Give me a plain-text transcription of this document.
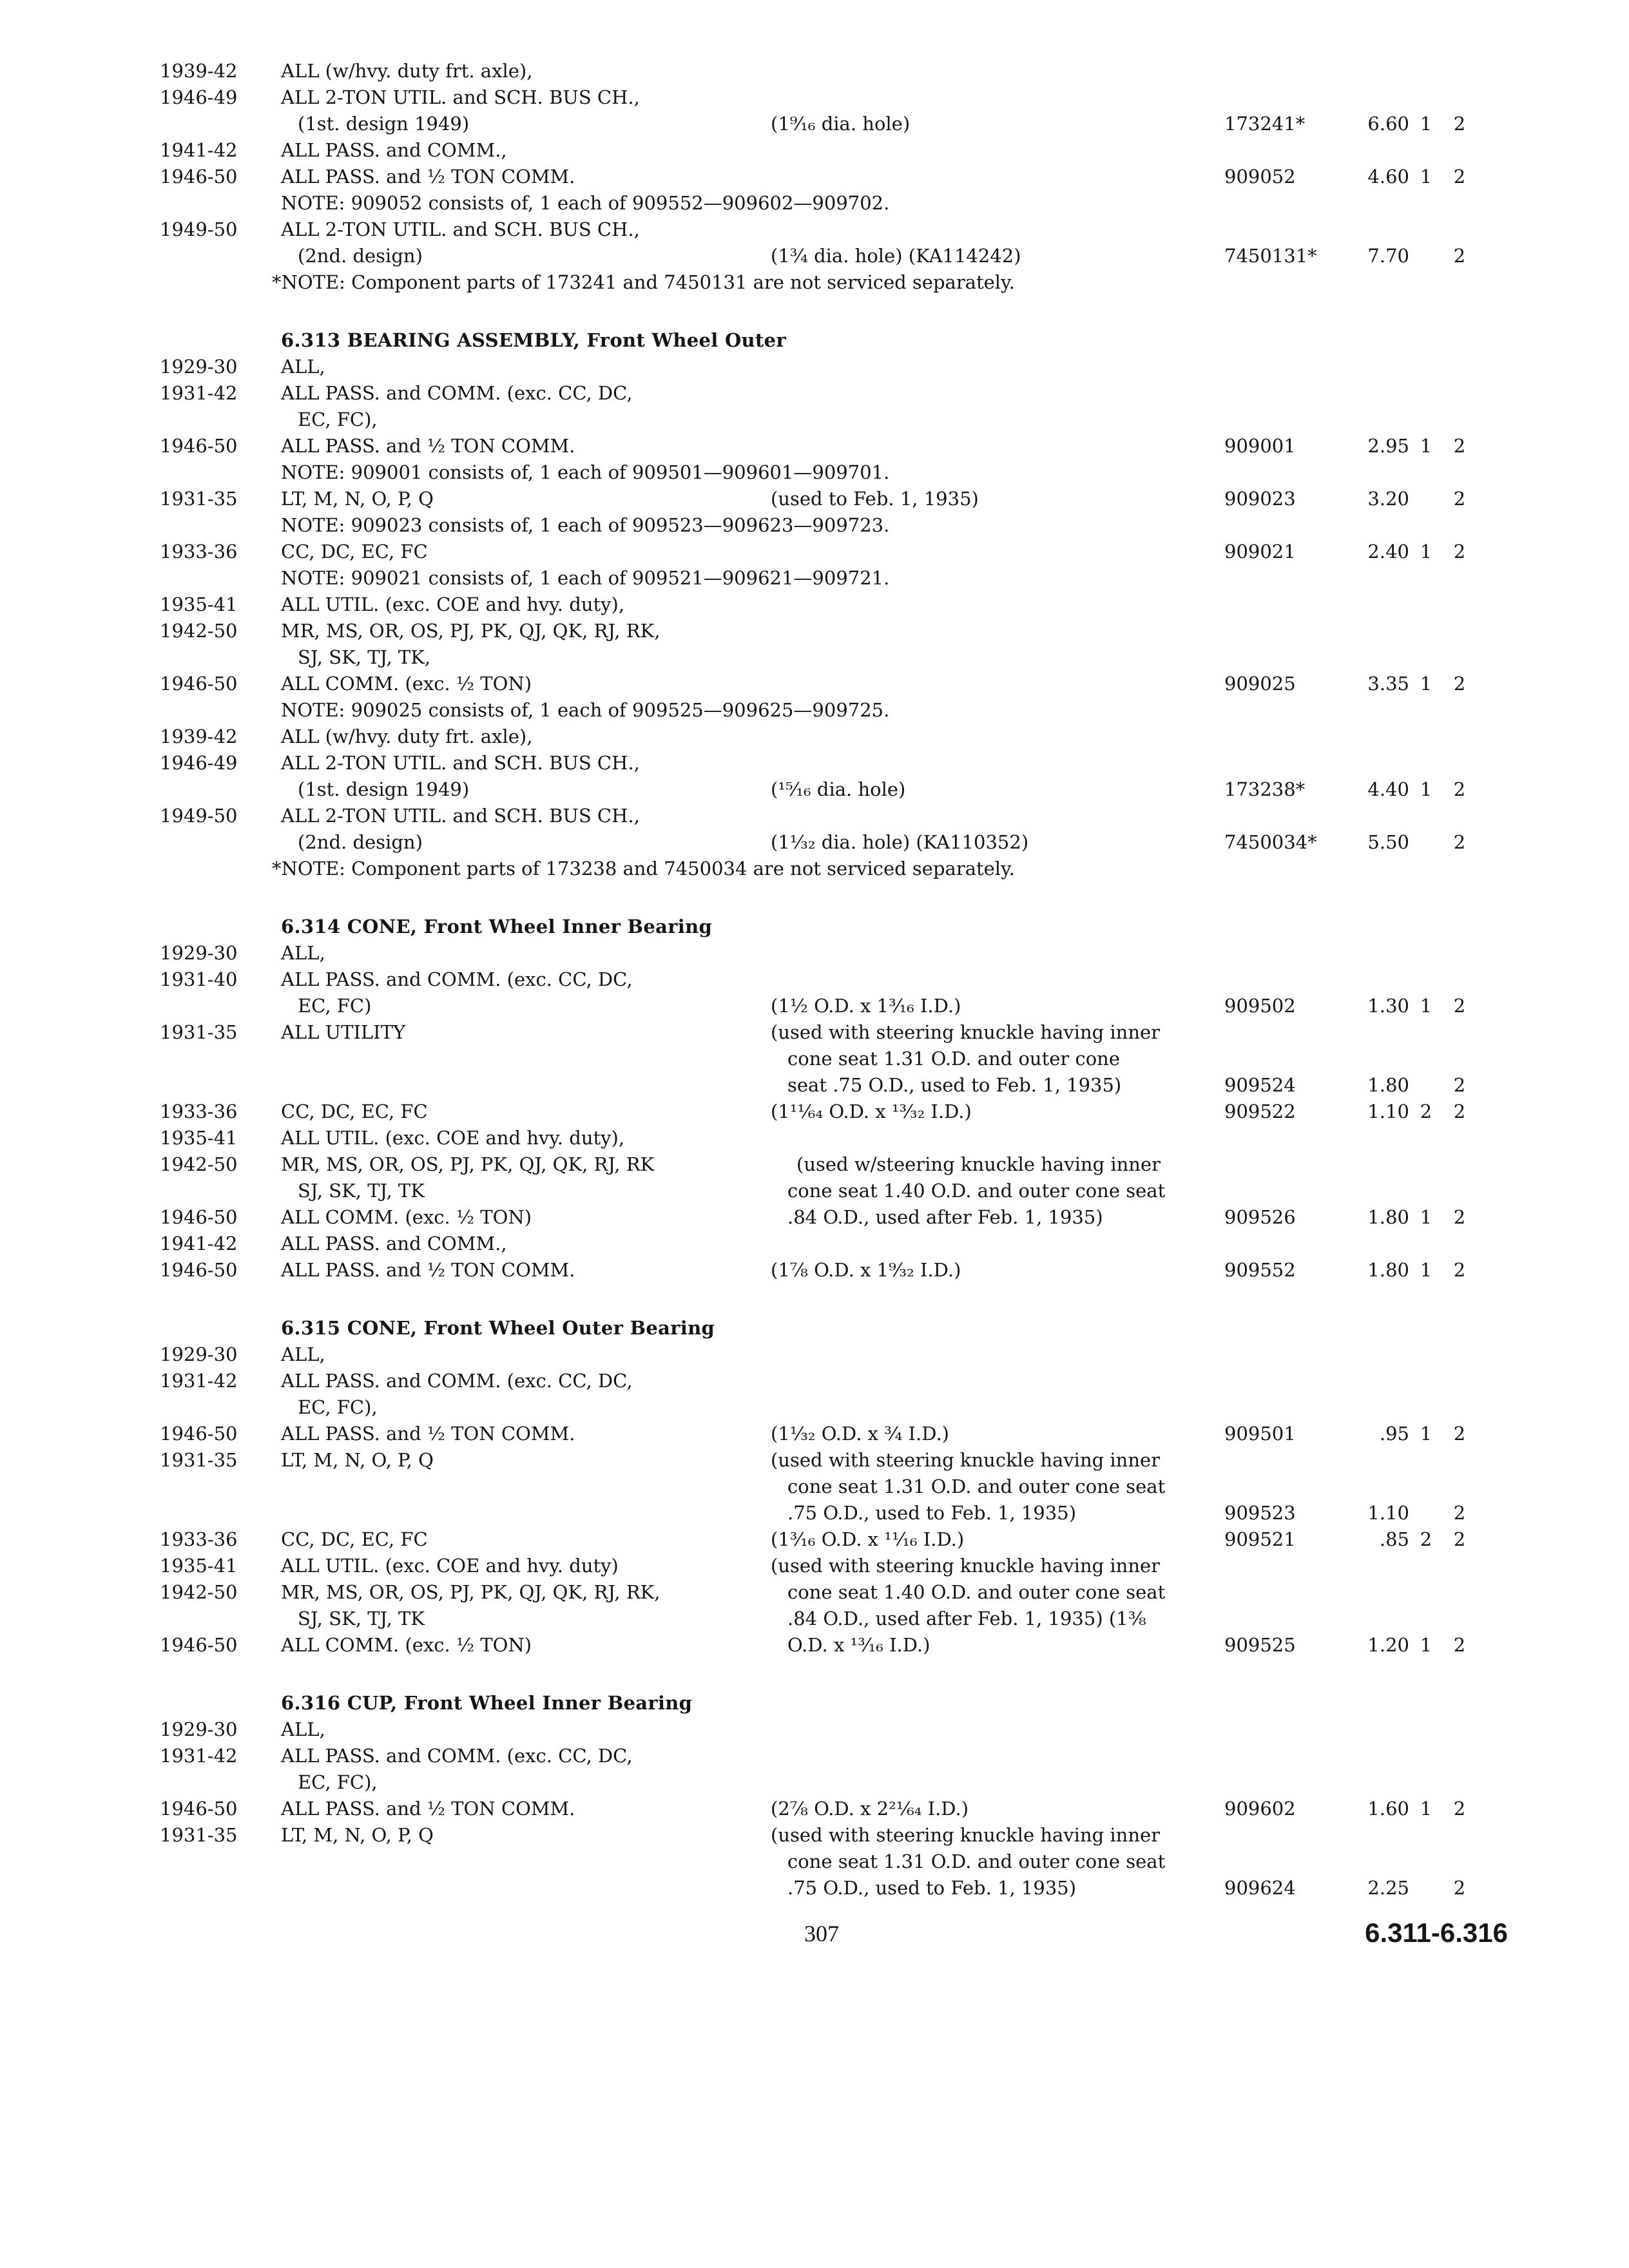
1939-42	ALL (w/hvy. duty frt. axle),
1946-49	ALL 2-TON UTIL. and SCH. BUS CH.,
(1st. design 1949)	(1⁹⁄₁₆ dia. hole)	173241*	6.60 1	2
1941-42	ALL PASS. and COMM.,
1946-50	ALL PASS. and ½ TON COMM.	909052	4.60 1	2
NOTE: 909052 consists of, 1 each of 909552—909602—909702.
1949-50	ALL 2-TON UTIL. and SCH. BUS CH.,
(2nd. design)	(1¾ dia. hole) (KA114242)	7450131*	7.70	2
*NOTE: Component parts of 173241 and 7450131 are not serviced separately.
6.313 BEARING ASSEMBLY, Front Wheel Outer
1929-30	ALL,
1931-42	ALL PASS. and COMM. (exc. CC, DC,
EC, FC),
1946-50	ALL PASS. and ½ TON COMM.	909001	2.95 1	2
NOTE: 909001 consists of, 1 each of 909501—909601—909701.
1931-35	LT, M, N, O, P, Q	(used to Feb. 1, 1935)	909023	3.20	2
NOTE: 909023 consists of, 1 each of 909523—909623—909723.
1933-36	CC, DC, EC, FC	909021	2.40 1	2
NOTE: 909021 consists of, 1 each of 909521—909621—909721.
1935-41	ALL UTIL. (exc. COE and hvy. duty),
1942-50	MR, MS, OR, OS, PJ, PK, QJ, QK, RJ, RK,
SJ, SK, TJ, TK,
1946-50	ALL COMM. (exc. ½ TON)	909025	3.35 1	2
NOTE: 909025 consists of, 1 each of 909525—909625—909725.
1939-42	ALL (w/hvy. duty frt. axle),
1946-49	ALL 2-TON UTIL. and SCH. BUS CH.,
(1st. design 1949)	(¹⁵⁄₁₆ dia. hole)	173238*	4.40 1	2
1949-50	ALL 2-TON UTIL. and SCH. BUS CH.,
(2nd. design)	(1¹⁄₃₂ dia. hole) (KA110352)	7450034*	5.50	2
*NOTE: Component parts of 173238 and 7450034 are not serviced separately.
6.314 CONE, Front Wheel Inner Bearing
1929-30	ALL,
1931-40	ALL PASS. and COMM. (exc. CC, DC,
EC, FC)	(1½ O.D. x 1³⁄₁₆ I.D.)	909502	1.30 1	2
1931-35	ALL UTILITY	(used with steering knuckle having inner
cone seat 1.31 O.D. and outer cone
seat .75 O.D., used to Feb. 1, 1935)	909524	1.80	2
1933-36	CC, DC, EC, FC	(1¹¹⁄₆₄ O.D. x ¹³⁄₃₂ I.D.)	909522	1.10 2	2
1935-41	ALL UTIL. (exc. COE and hvy. duty),
1942-50	MR, MS, OR, OS, PJ, PK, QJ, QK, RJ, RK	(used w/steering knuckle having inner
SJ, SK, TJ, TK	cone seat 1.40 O.D. and outer cone seat
1946-50	ALL COMM. (exc. ½ TON)	.84 O.D., used after Feb. 1, 1935)	909526	1.80 1	2
1941-42	ALL PASS. and COMM.,
1946-50	ALL PASS. and ½ TON COMM.	(1⅞ O.D. x 1⁹⁄₃₂ I.D.)	909552	1.80 1	2
6.315 CONE, Front Wheel Outer Bearing
1929-30	ALL,
1931-42	ALL PASS. and COMM. (exc. CC, DC,
EC, FC),
1946-50	ALL PASS. and ½ TON COMM.	(1¹⁄₃₂ O.D. x ¾ I.D.)	909501	.95 1	2
1931-35	LT, M, N, O, P, Q	(used with steering knuckle having inner
cone seat 1.31 O.D. and outer cone seat
.75 O.D., used to Feb. 1, 1935)	909523	1.10	2
1933-36	CC, DC, EC, FC	(1³⁄₁₆ O.D. x ¹¹⁄₁₆ I.D.)	909521	.85 2	2
1935-41	ALL UTIL. (exc. COE and hvy. duty)	(used with steering knuckle having inner
1942-50	MR, MS, OR, OS, PJ, PK, QJ, QK, RJ, RK,	cone seat 1.40 O.D. and outer cone seat
SJ, SK, TJ, TK	.84 O.D., used after Feb. 1, 1935) (1³⁄₈
1946-50	ALL COMM. (exc. ½ TON)	O.D. x ¹³⁄₁₆ I.D.)	909525	1.20 1	2
6.316 CUP, Front Wheel Inner Bearing
1929-30	ALL,
1931-42	ALL PASS. and COMM. (exc. CC, DC,
EC, FC),
1946-50	ALL PASS. and ½ TON COMM.	(2⅞ O.D. x 2²¹⁄₆₄ I.D.)	909602	1.60 1	2
1931-35	LT, M, N, O, P, Q	(used with steering knuckle having inner
cone seat 1.31 O.D. and outer cone seat
.75 O.D., used to Feb. 1, 1935)	909624	2.25	2
307	6.311-6.316
